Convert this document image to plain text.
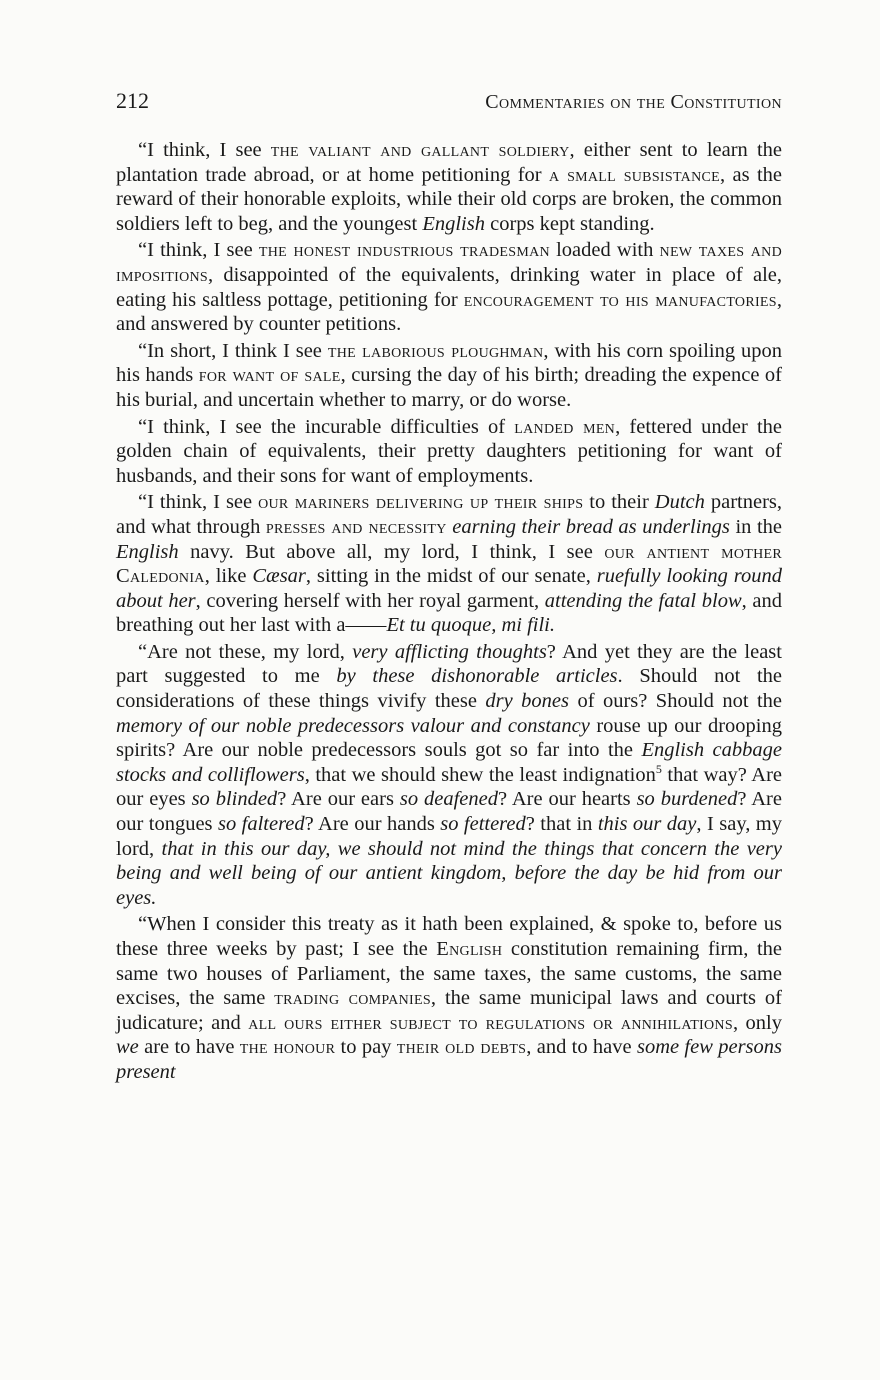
212	Commentaries on the Constitution

“I think, I see the valiant and gallant soldiery, either sent to learn the plantation trade abroad, or at home petitioning for a small subsistance, as the reward of their honorable exploits, while their old corps are broken, the common soldiers left to beg, and the youngest English corps kept standing.

“I think, I see the honest industrious tradesman loaded with new taxes and impositions, disappointed of the equivalents, drinking water in place of ale, eating his saltless pottage, petitioning for encouragement to his manufactories, and answered by counter petitions.

“In short, I think I see the laborious ploughman, with his corn spoiling upon his hands for want of sale, cursing the day of his birth; dreading the expence of his burial, and uncertain whether to marry, or do worse.

“I think, I see the incurable difficulties of landed men, fettered under the golden chain of equivalents, their pretty daughters petitioning for want of husbands, and their sons for want of employments.

“I think, I see our mariners delivering up their ships to their Dutch partners, and what through presses and necessity earning their bread as underlings in the English navy. But above all, my lord, I think, I see our antient mother Caledonia, like Cæsar, sitting in the midst of our senate, ruefully looking round about her, covering herself with her royal garment, attending the fatal blow, and breathing out her last with a——Et tu quoque, mi fili.

“Are not these, my lord, very afflicting thoughts? And yet they are the least part suggested to me by these dishonorable articles. Should not the considerations of these things vivify these dry bones of ours? Should not the memory of our noble predecessors valour and constancy rouse up our drooping spirits? Are our noble predecessors souls got so far into the English cabbage stocks and colliflowers, that we should shew the least indignation$^5$ that way? Are our eyes so blinded? Are our ears so deafened? Are our hearts so burdened? Are our tongues so faltered? Are our hands so fettered? that in this our day, I say, my lord, that in this our day, we should not mind the things that concern the very being and well being of our antient kingdom, before the day be hid from our eyes.

“When I consider this treaty as it hath been explained, & spoke to, before us these three weeks by past; I see the English constitution remaining firm, the same two houses of Parliament, the same taxes, the same customs, the same excises, the same trading companies, the same municipal laws and courts of judicature; and all ours either subject to regulations or annihilations, only we are to have the honour to pay their old debts, and to have some few persons present
